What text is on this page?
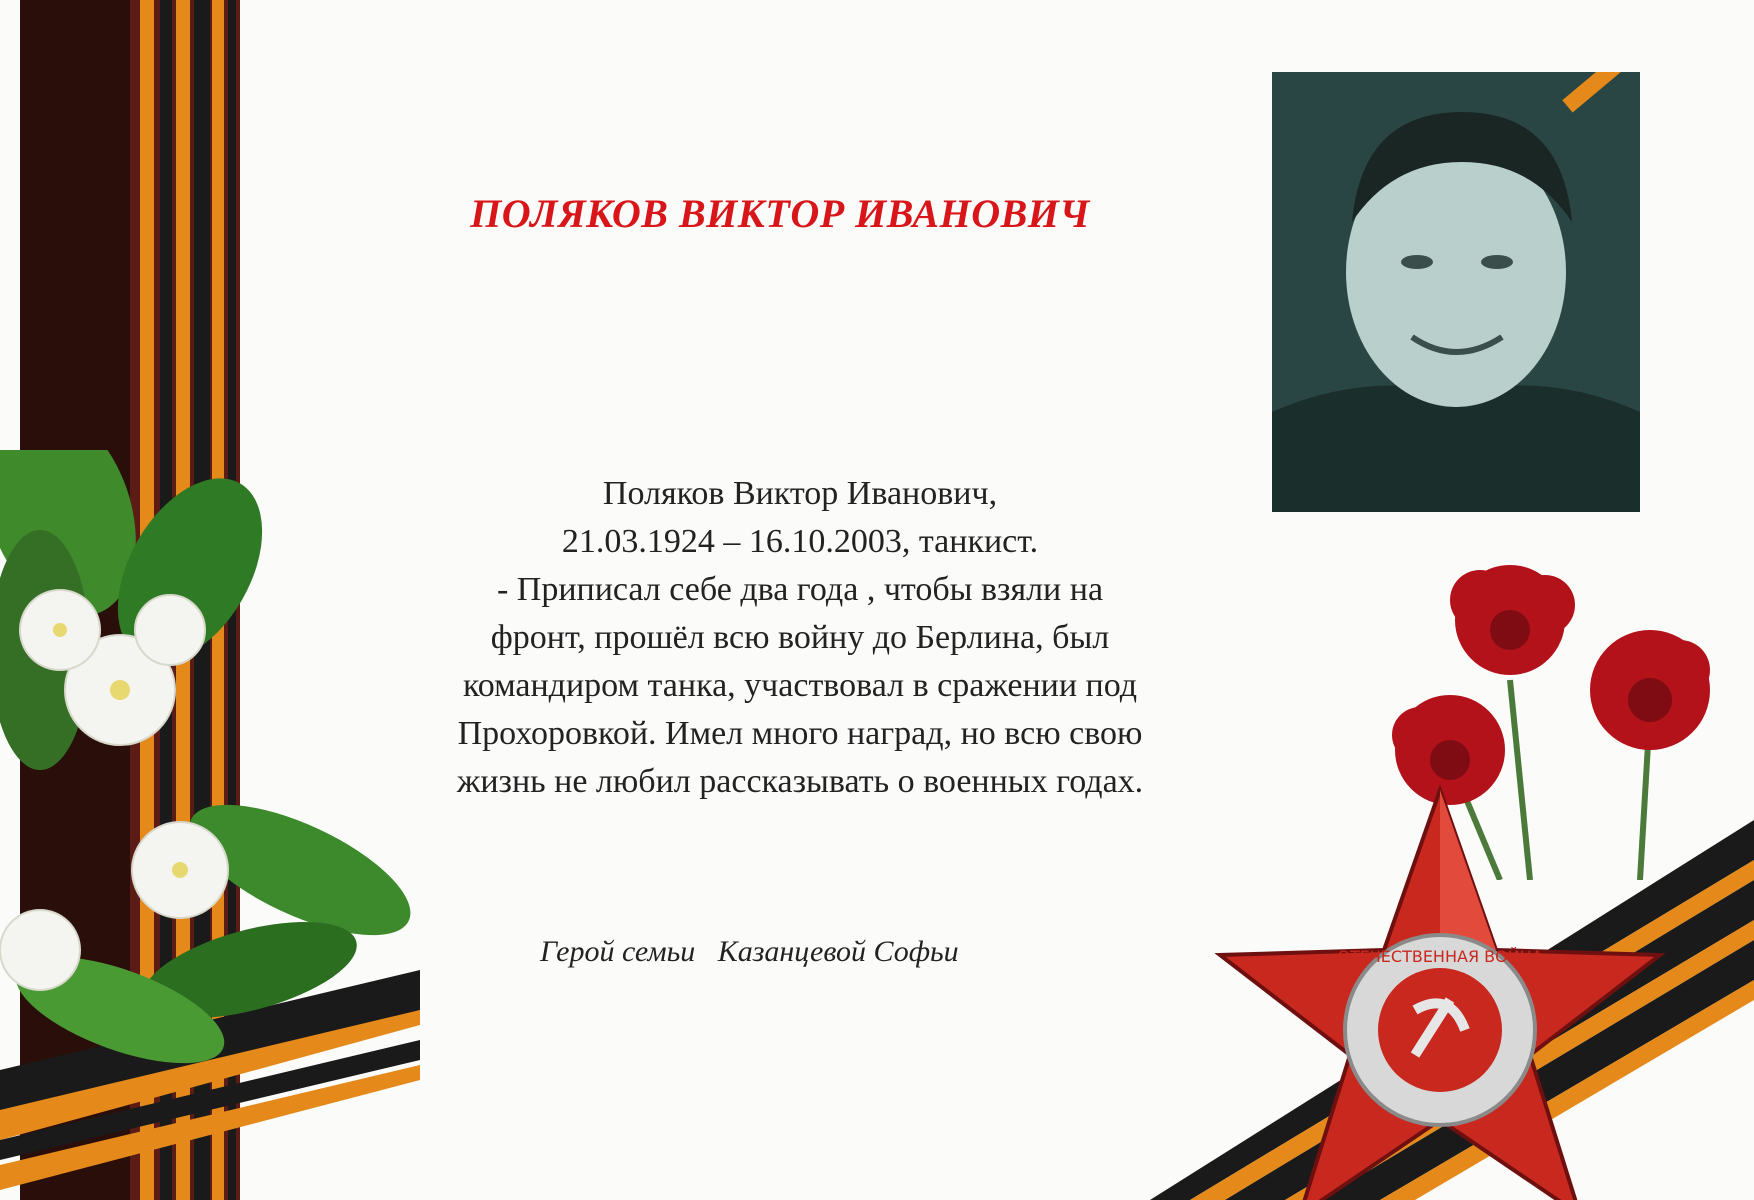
ПОЛЯКОВ ВИКТОР ИВАНОВИЧ
Поляков Виктор Иванович,
21.03.1924 – 16.10.2003, танкист.
- Приписал себе два года , чтобы взяли на
фронт, прошёл всю войну до Берлина, был
командиром танка, участвовал в сражении под
Прохоровкой. Имел много наград, но всю свою
жизнь не любил рассказывать о военных годах.
Герой семьи Казанцевой Софьи	ОТЕЧЕСТВЕННАЯ ВОЙНА
